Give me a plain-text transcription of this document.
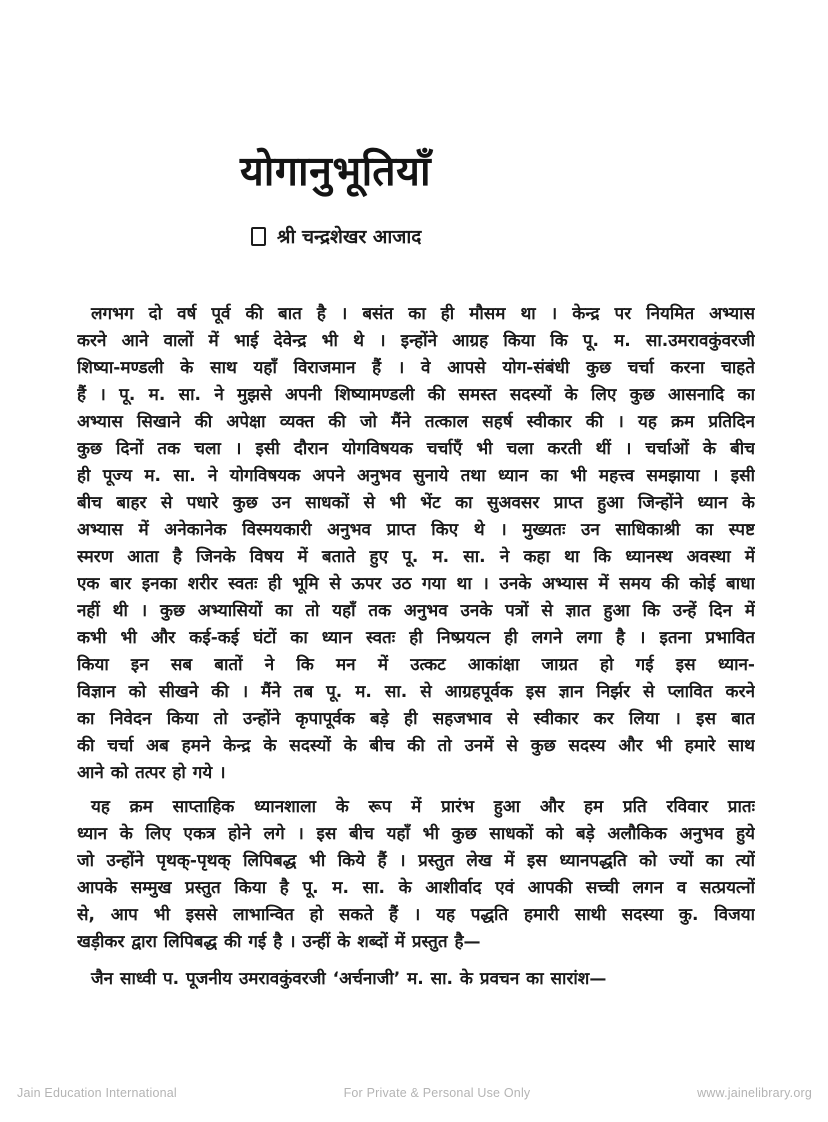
योगानुभूतियाँ
श्री चन्द्रशेखर आजाद
लगभग दो वर्ष पूर्व की बात है । बसंत का ही मौसम था । केन्द्र पर नियमित अभ्यास
करने आने वालों में भाई देवेन्द्र भी थे । इन्होंने आग्रह किया कि पू. म. सा.उमरावकुंवरजी
शिष्या-मण्डली के साथ यहाँ विराजमान हैं । वे आपसे योग-संबंधी कुछ चर्चा करना चाहते
हैं । पू. म. सा. ने मुझसे अपनी शिष्यामण्डली की समस्त सदस्यों के लिए कुछ आसनादि का
अभ्यास सिखाने की अपेक्षा व्यक्त की जो मैंने तत्काल सहर्ष स्वीकार की । यह क्रम प्रतिदिन
कुछ दिनों तक चला । इसी दौरान योगविषयक चर्चाएँ भी चला करती थीं । चर्चाओं के बीच
ही पूज्य म. सा. ने योगविषयक अपने अनुभव सुनाये तथा ध्यान का भी महत्त्व समझाया । इसी
बीच बाहर से पधारे कुछ उन साधकों से भी भेंट का सुअवसर प्राप्त हुआ जिन्होंने ध्यान के
अभ्यास में अनेकानेक विस्मयकारी अनुभव प्राप्त किए थे । मुख्यतः उन साधिकाश्री का स्पष्ट
स्मरण आता है जिनके विषय में बताते हुए पू. म. सा. ने कहा था कि ध्यानस्थ अवस्था में
एक बार इनका शरीर स्वतः ही भूमि से ऊपर उठ गया था । उनके अभ्यास में समय की कोई बाधा
नहीं थी । कुछ अभ्यासियों का तो यहाँ तक अनुभव उनके पत्रों से ज्ञात हुआ कि उन्हें दिन में
कभी भी और कई-कई घंटों का ध्यान स्वतः ही निष्प्रयत्न ही लगने लगा है । इतना प्रभावित
किया इन सब बातों ने कि मन में उत्कट आकांक्षा जाग्रत हो गई इस ध्यान-
विज्ञान को सीखने की । मैंने तब पू. म. सा. से आग्रहपूर्वक इस ज्ञान निर्झर से प्लावित करने
का निवेदन किया तो उन्होंने कृपापूर्वक बड़े ही सहजभाव से स्वीकार कर लिया । इस बात
की चर्चा अब हमने केन्द्र के सदस्यों के बीच की तो उनमें से कुछ सदस्य और भी हमारे साथ
आने को तत्पर हो गये ।
यह क्रम साप्ताहिक ध्यानशाला के रूप में प्रारंभ हुआ और हम प्रति रविवार प्रातः
ध्यान के लिए एकत्र होने लगे । इस बीच यहाँ भी कुछ साधकों को बड़े अलौकिक अनुभव हुये
जो उन्होंने पृथक्-पृथक् लिपिबद्ध भी किये हैं । प्रस्तुत लेख में इस ध्यानपद्धति को ज्यों का त्यों
आपके सम्मुख प्रस्तुत किया है पू. म. सा. के आशीर्वाद एवं आपकी सच्ची लगन व सत्प्रयत्नों
से, आप भी इससे लाभान्वित हो सकते हैं । यह पद्धति हमारी साथी सदस्या कु. विजया
खड़ीकर द्वारा लिपिबद्ध की गई है । उन्हीं के शब्दों में प्रस्तुत है—
जैन साध्वी प. पूजनीय उमरावकुंवरजी ‘अर्चनाजी’ म. सा. के प्रवचन का सारांश—
Jain Education International	For Private & Personal Use Only	www.jainelibrary.org
